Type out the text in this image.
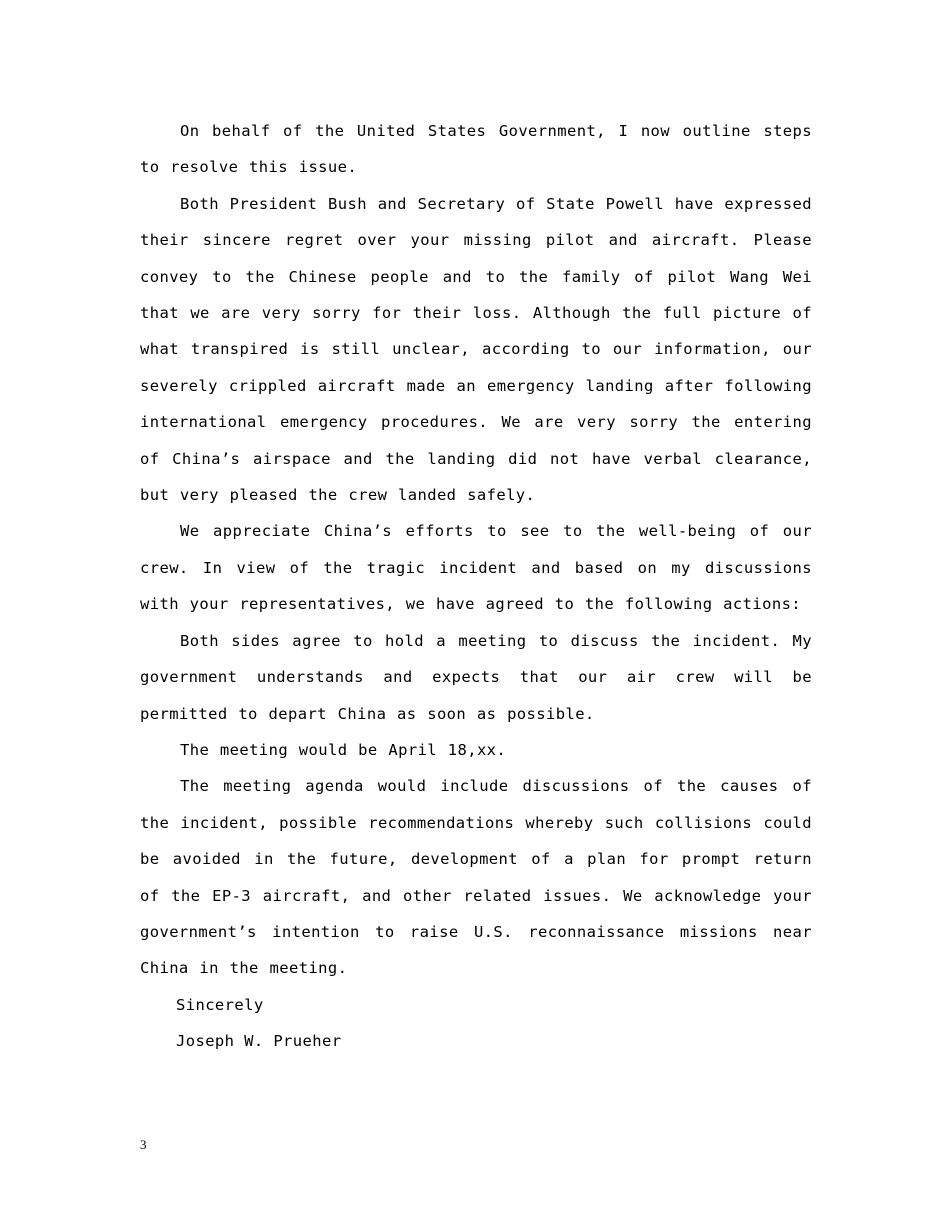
On behalf of the United States Government, I now outline steps to resolve this issue.

Both President Bush and Secretary of State Powell have expressed their sincere regret over your missing pilot and aircraft. Please convey to the Chinese people and to the family of pilot Wang Wei that we are very sorry for their loss. Although the full picture of what transpired is still unclear, according to our information, our severely crippled aircraft made an emergency landing after following international emergency procedures. We are very sorry the entering of China’s airspace and the landing did not have verbal clearance, but very pleased the crew landed safely.

We appreciate China’s efforts to see to the well-being of our crew. In view of the tragic incident and based on my discussions with your representatives, we have agreed to the following actions:

Both sides agree to hold a meeting to discuss the incident. My government understands and expects that our air crew will be permitted to depart China as soon as possible.

The meeting would be April 18,xx.

The meeting agenda would include discussions of the causes of the incident, possible recommendations whereby such collisions could be avoided in the future, development of a plan for prompt return of the EP-3 aircraft, and other related issues. We acknowledge your government’s intention to raise U.S. reconnaissance missions near China in the meeting.

Sincerely

Joseph W. Prueher

3
